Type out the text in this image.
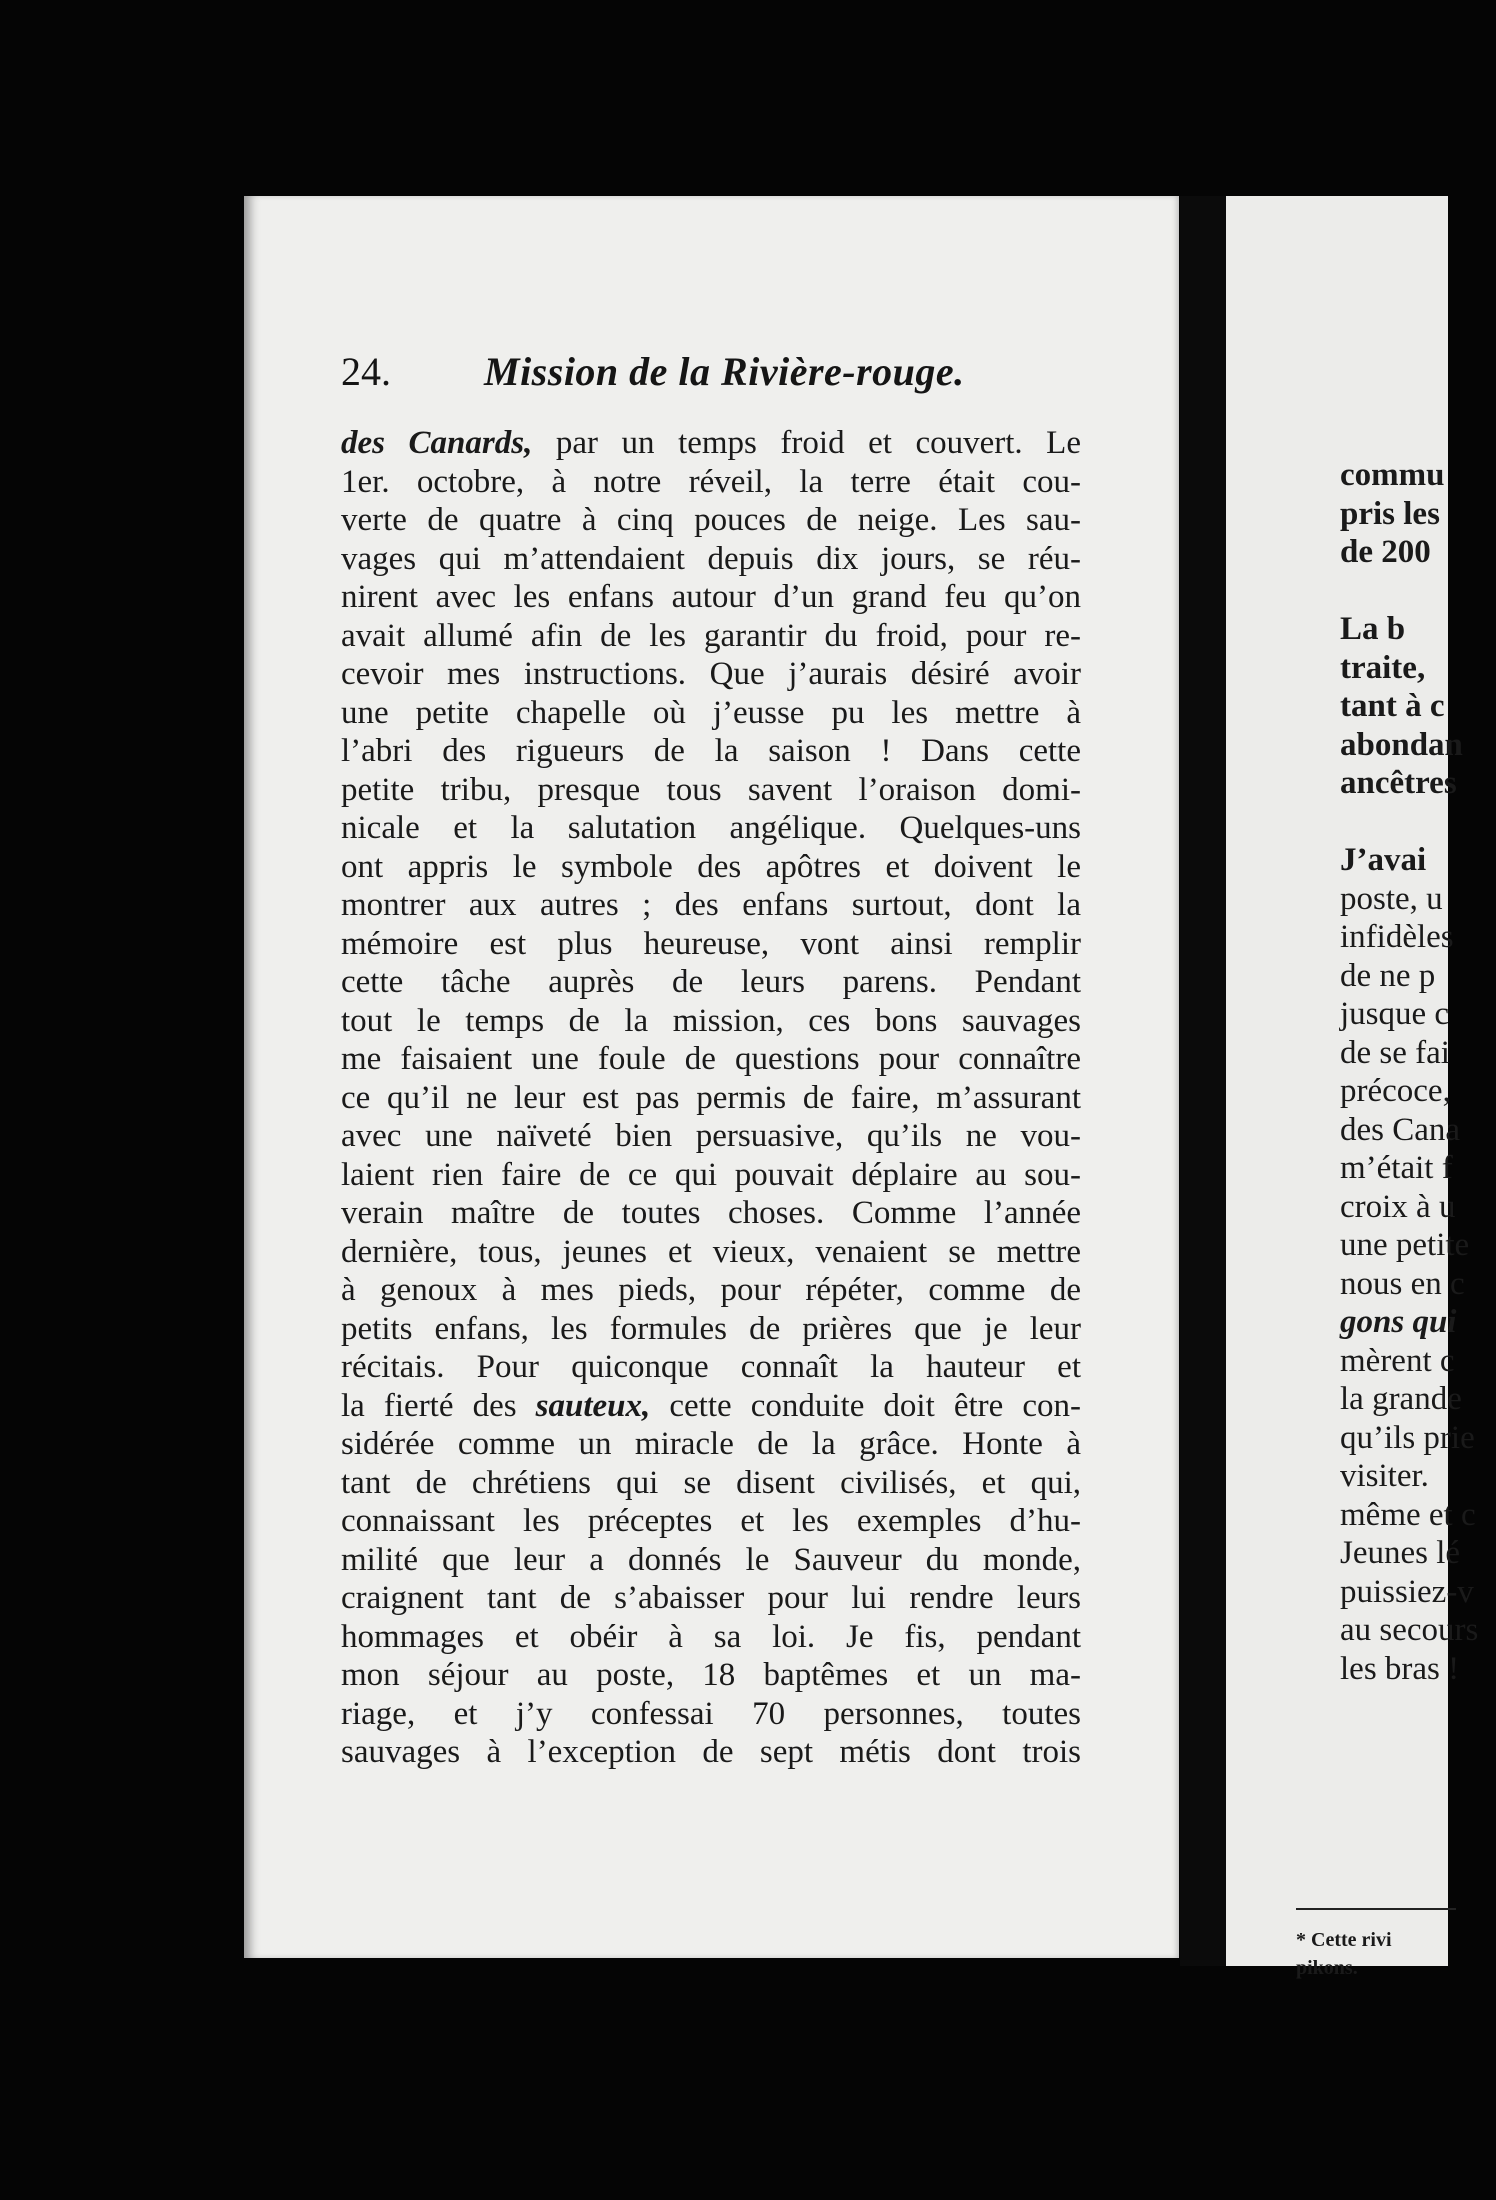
24. Mission de la Rivière-rouge.
des Canards, par un temps froid et couvert. Le
1er. octobre, à notre réveil, la terre était cou-
verte de quatre à cinq pouces de neige. Les sau-
vages qui m’attendaient depuis dix jours, se réu-
nirent avec les enfans autour d’un grand feu qu’on
avait allumé afin de les garantir du froid, pour re-
cevoir mes instructions. Que j’aurais désiré avoir
une petite chapelle où j’eusse pu les mettre à
l’abri des rigueurs de la saison ! Dans cette
petite tribu, presque tous savent l’oraison domi-
nicale et la salutation angélique. Quelques-uns
ont appris le symbole des apôtres et doivent le
montrer aux autres ; des enfans surtout, dont la
mémoire est plus heureuse, vont ainsi remplir
cette tâche auprès de leurs parens. Pendant
tout le temps de la mission, ces bons sauvages
me faisaient une foule de questions pour connaître
ce qu’il ne leur est pas permis de faire, m’assurant
avec une naïveté bien persuasive, qu’ils ne vou-
laient rien faire de ce qui pouvait déplaire au sou-
verain maître de toutes choses. Comme l’année
dernière, tous, jeunes et vieux, venaient se mettre
à genoux à mes pieds, pour répéter, comme de
petits enfans, les formules de prières que je leur
récitais. Pour quiconque connaît la hauteur et
la fierté des sauteux, cette conduite doit être con-
sidérée comme un miracle de la grâce. Honte à
tant de chrétiens qui se disent civilisés, et qui,
connaissant les préceptes et les exemples d’hu-
milité que leur a donnés le Sauveur du monde,
craignent tant de s’abaisser pour lui rendre leurs
hommages et obéir à sa loi. Je fis, pendant
mon séjour au poste, 18 baptêmes et un ma-
riage, et j’y confessai 70 personnes, toutes
sauvages à l’exception de sept métis dont trois
commu
pris les
de 200
La b
traite,
tant à c
abondan
ancêtres
J’avai
poste, u
infidèles
de ne p
jusque c
de se fai
précoce,
des Cana
m’était f
croix à u
une petite
nous en c
gons qui
mèrent c
la grande
qu’ils prie
visiter.
même et c
Jeunes lé
puissiez-v
au secours
les bras !
* Cette rivi
pikons.
